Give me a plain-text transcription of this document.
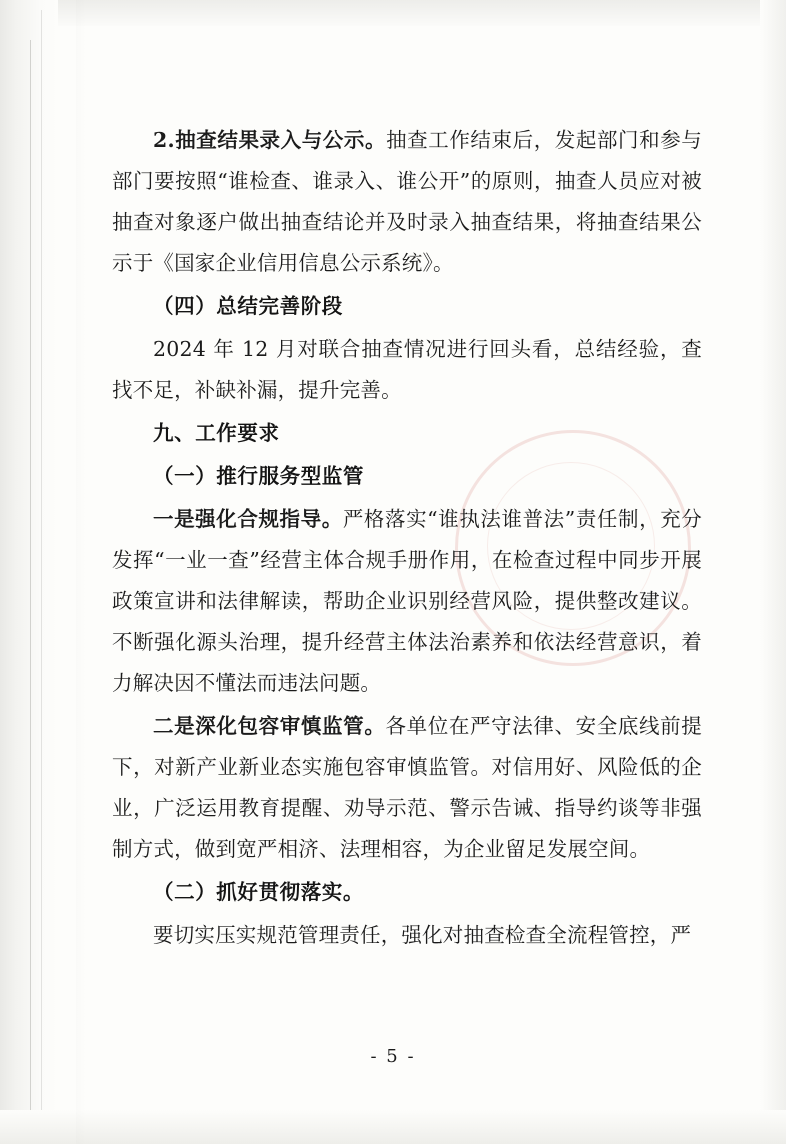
2.抽查结果录入与公示。抽查工作结束后，发起部门和参与部门要按照“谁检查、谁录入、谁公开”的原则，抽查人员应对被抽查对象逐户做出抽查结论并及时录入抽查结果，将抽查结果公示于《国家企业信用信息公示系统》。

（四）总结完善阶段

2024 年 12 月对联合抽查情况进行回头看，总结经验，查找不足，补缺补漏，提升完善。

九、工作要求

（一）推行服务型监管

一是强化合规指导。严格落实“谁执法谁普法”责任制，充分发挥“一业一查”经营主体合规手册作用，在检查过程中同步开展政策宣讲和法律解读，帮助企业识别经营风险，提供整改建议。不断强化源头治理，提升经营主体法治素养和依法经营意识，着力解决因不懂法而违法问题。

二是深化包容审慎监管。各单位在严守法律、安全底线前提下，对新产业新业态实施包容审慎监管。对信用好、风险低的企业，广泛运用教育提醒、劝导示范、警示告诫、指导约谈等非强制方式，做到宽严相济、法理相容，为企业留足发展空间。

（二）抓好贯彻落实。

要切实压实规范管理责任，强化对抽查检查全流程管控，严

- 5 -
